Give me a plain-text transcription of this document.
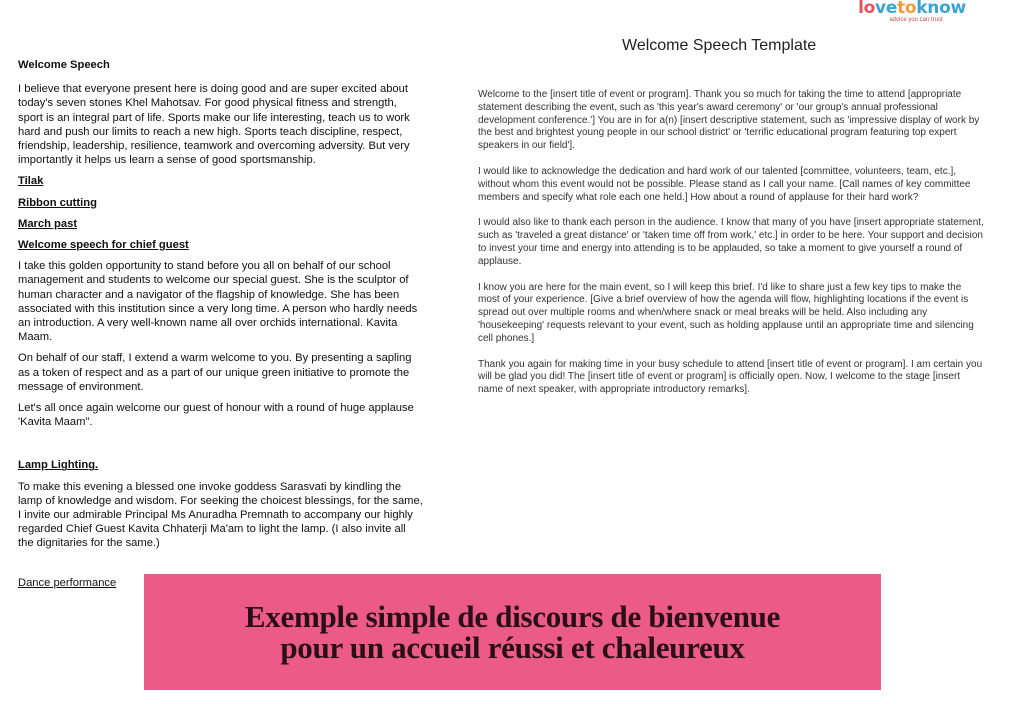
lovetoknow
advice you can trust
Welcome Speech
I believe that everyone present here is doing good and are super excited about today's seven stones Khel Mahotsav. For good physical fitness and strength, sport is an integral part of life. Sports make our life interesting, teach us to work hard and push our limits to reach a new high. Sports teach discipline, respect, friendship, leadership, resilience, teamwork and overcoming adversity. But very importantly it helps us learn a sense of good sportsmanship.
Tilak
Ribbon cutting
March past
Welcome speech for chief guest
I take this golden opportunity to stand before you all on behalf of our school management and students to welcome our special guest. She is the sculptor of human character and a navigator of the flagship of knowledge. She has been associated with this institution since a very long time. A person who hardly needs an introduction. A very well-known name all over orchids international. Kavita Maam.
On behalf of our staff, I extend a warm welcome to you. By presenting a sapling as a token of respect and as a part of our unique green initiative to promote the message of environment.
Let's all once again welcome our guest of honour with a round of huge applause 'Kavita Maam".
Lamp Lighting.
To make this evening a blessed one invoke goddess Sarasvati by kindling the lamp of knowledge and wisdom. For seeking the choicest blessings, for the same, I invite our admirable Principal Ms Anuradha Premnath to accompany our highly regarded Chief Guest Kavita Chhaterji Ma'am to light the lamp. (I also invite all the dignitaries for the same.)
Dance performance
Welcome Speech Template

Welcome to the [insert title of event or program]. Thank you so much for taking the time to attend [appropriate statement describing the event, such as 'this year's award ceremony' or 'our group's annual professional development conference.'] You are in for a(n) [insert descriptive statement, such as 'impressive display of work by the best and brightest young people in our school district' or 'terrific educational program featuring top expert speakers in our field'].

I would like to acknowledge the dedication and hard work of our talented [committee, volunteers, team, etc.], without whom this event would not be possible. Please stand as I call your name. [Call names of key committee members and specify what role each one held.] How about a round of applause for their hard work?

I would also like to thank each person in the audience. I know that many of you have [insert appropriate statement, such as 'traveled a great distance' or 'taken time off from work,' etc.] in order to be here. Your support and decision to invest your time and energy into attending is to be applauded, so take a moment to give yourself a round of applause.

I know you are here for the main event, so I will keep this brief. I'd like to share just a few key tips to make the most of your experience. [Give a brief overview of how the agenda will flow, highlighting locations if the event is spread out over multiple rooms and when/where snack or meal breaks will be held. Also including any 'housekeeping' requests relevant to your event, such as holding applause until an appropriate time and silencing cell phones.]

Thank you again for making time in your busy schedule to attend [insert title of event or program]. I am certain you will be glad you did! The [insert title of event or program] is officially open. Now, I welcome to the stage [insert name of next speaker, with appropriate introductory remarks].

Exemple simple de discours de bienvenue pour un accueil réussi et chaleureux
